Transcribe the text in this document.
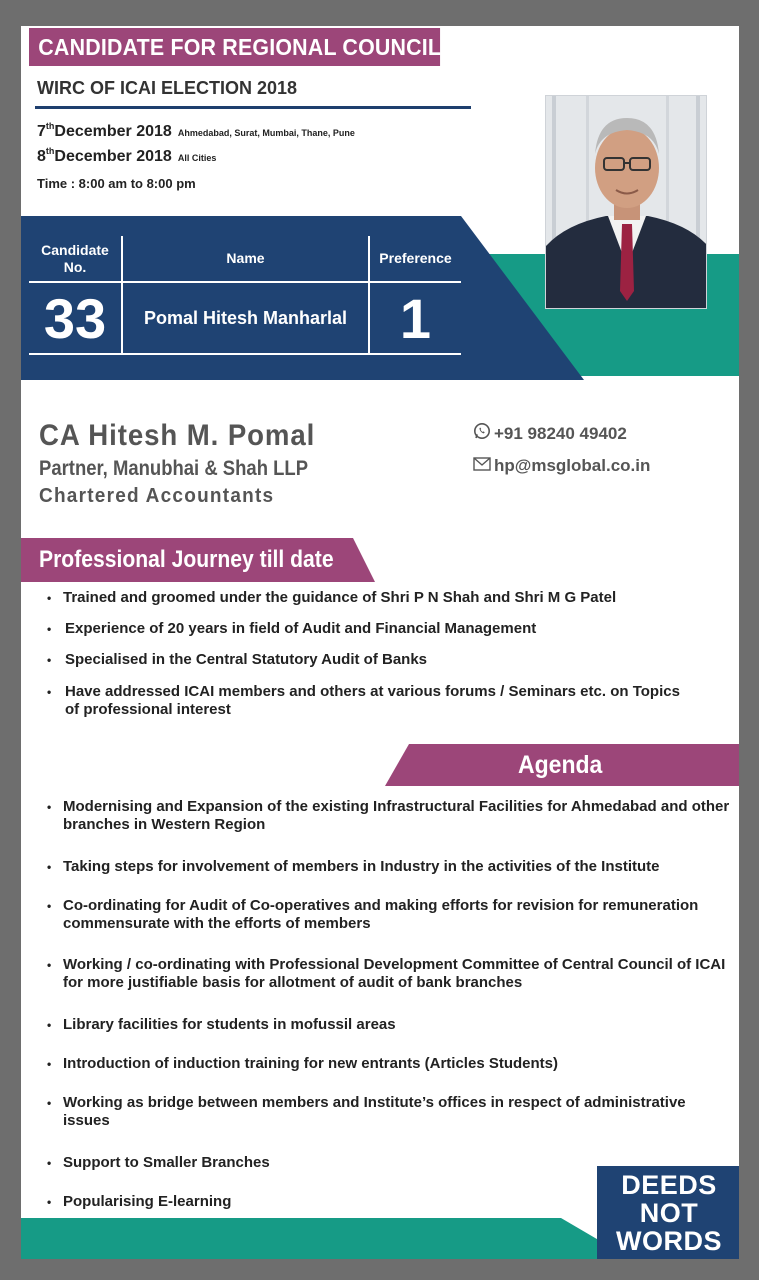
CANDIDATE FOR REGIONAL COUNCIL
WIRC OF ICAI ELECTION 2018
7thDecember 2018 Ahmedabad, Surat, Mumbai, Thane, Pune
8thDecember 2018 All Cities
Time : 8:00 am to 8:00 pm
Candidate
No.	Name	Preference
33	Pomal Hitesh Manharlal	1
CA Hitesh M. Pomal
Partner, Manubhai & Shah LLP
Chartered Accountants
+91 98240 49402
hp@msglobal.co.in
Professional Journey till date
• Trained and groomed under the guidance of Shri P N Shah and Shri M G Patel
• Experience of 20 years in field of Audit and Financial Management
• Specialised in the Central Statutory Audit of Banks
• Have addressed ICAI members and others at various forums / Seminars etc. on Topics of professional interest
Agenda
• Modernising and Expansion of the existing Infrastructural Facilities for Ahmedabad and other branches in Western Region
• Taking steps for involvement of members in Industry in the activities of the Institute
• Co-ordinating for Audit of Co-operatives and making efforts for revision for remuneration commensurate with the efforts of members
• Working / co-ordinating with Professional Development Committee of Central Council of ICAI for more justifiable basis for allotment of audit of bank branches
• Library facilities for students in mofussil areas
• Introduction of induction training for new entrants (Articles Students)
• Working as bridge between members and Institute’s offices in respect of administrative issues
• Support to Smaller Branches
• Popularising E-learning
DEEDS
NOT
WORDS
